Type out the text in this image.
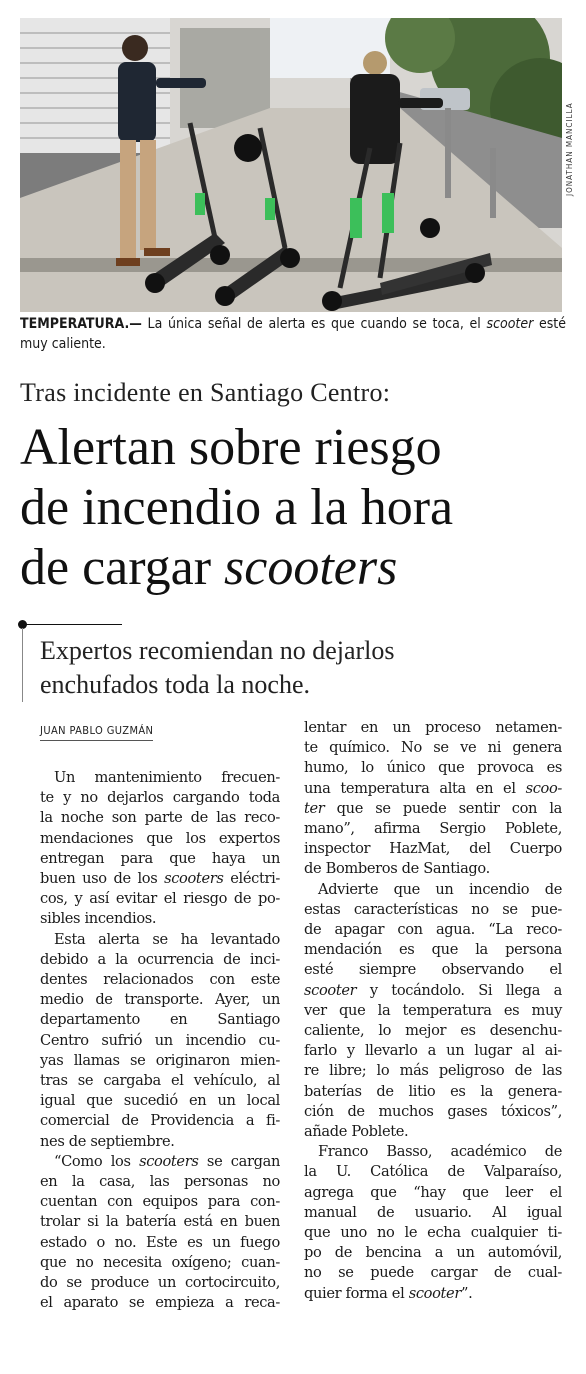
JONATHAN MANCILLA
TEMPERATURA.— La única señal de alerta es que cuando se toca, el scooter esté muy caliente.
Tras incidente en Santiago Centro:
Alertan sobre riesgo
de incendio a la hora
de cargar scooters
Expertos recomiendan no dejarlos
enchufados toda la noche.
JUAN PABLO GUZMÁN
Un mantenimiento frecuen-
te y no dejarlos cargando toda
la noche son parte de las reco-
mendaciones que los expertos
entregan para que haya un
buen uso de los scooters eléctri-
cos, y así evitar el riesgo de po-
sibles incendios.
Esta alerta se ha levantado
debido a la ocurrencia de inci-
dentes relacionados con este
medio de transporte. Ayer, un
departamento en Santiago
Centro sufrió un incendio cu-
yas llamas se originaron mien-
tras se cargaba el vehículo, al
igual que sucedió en un local
comercial de Providencia a fi-
nes de septiembre.
“Como los scooters se cargan
en la casa, las personas no
cuentan con equipos para con-
trolar si la batería está en buen
estado o no. Este es un fuego
que no necesita oxígeno; cuan-
do se produce un cortocircuito,
el aparato se empieza a reca-
lentar en un proceso netamen-
te químico. No se ve ni genera
humo, lo único que provoca es
una temperatura alta en el scoo-
ter que se puede sentir con la
mano”, afirma Sergio Poblete,
inspector HazMat, del Cuerpo
de Bomberos de Santiago.
Advierte que un incendio de
estas características no se pue-
de apagar con agua. “La reco-
mendación es que la persona
esté siempre observando el
scooter y tocándolo. Si llega a
ver que la temperatura es muy
caliente, lo mejor es desenchu-
farlo y llevarlo a un lugar al ai-
re libre; lo más peligroso de las
baterías de litio es la genera-
ción de muchos gases tóxicos”,
añade Poblete.
Franco Basso, académico de
la U. Católica de Valparaíso,
agrega que “hay que leer el
manual de usuario. Al igual
que uno no le echa cualquier ti-
po de bencina a un automóvil,
no se puede cargar de cual-
quier forma el scooter”.
